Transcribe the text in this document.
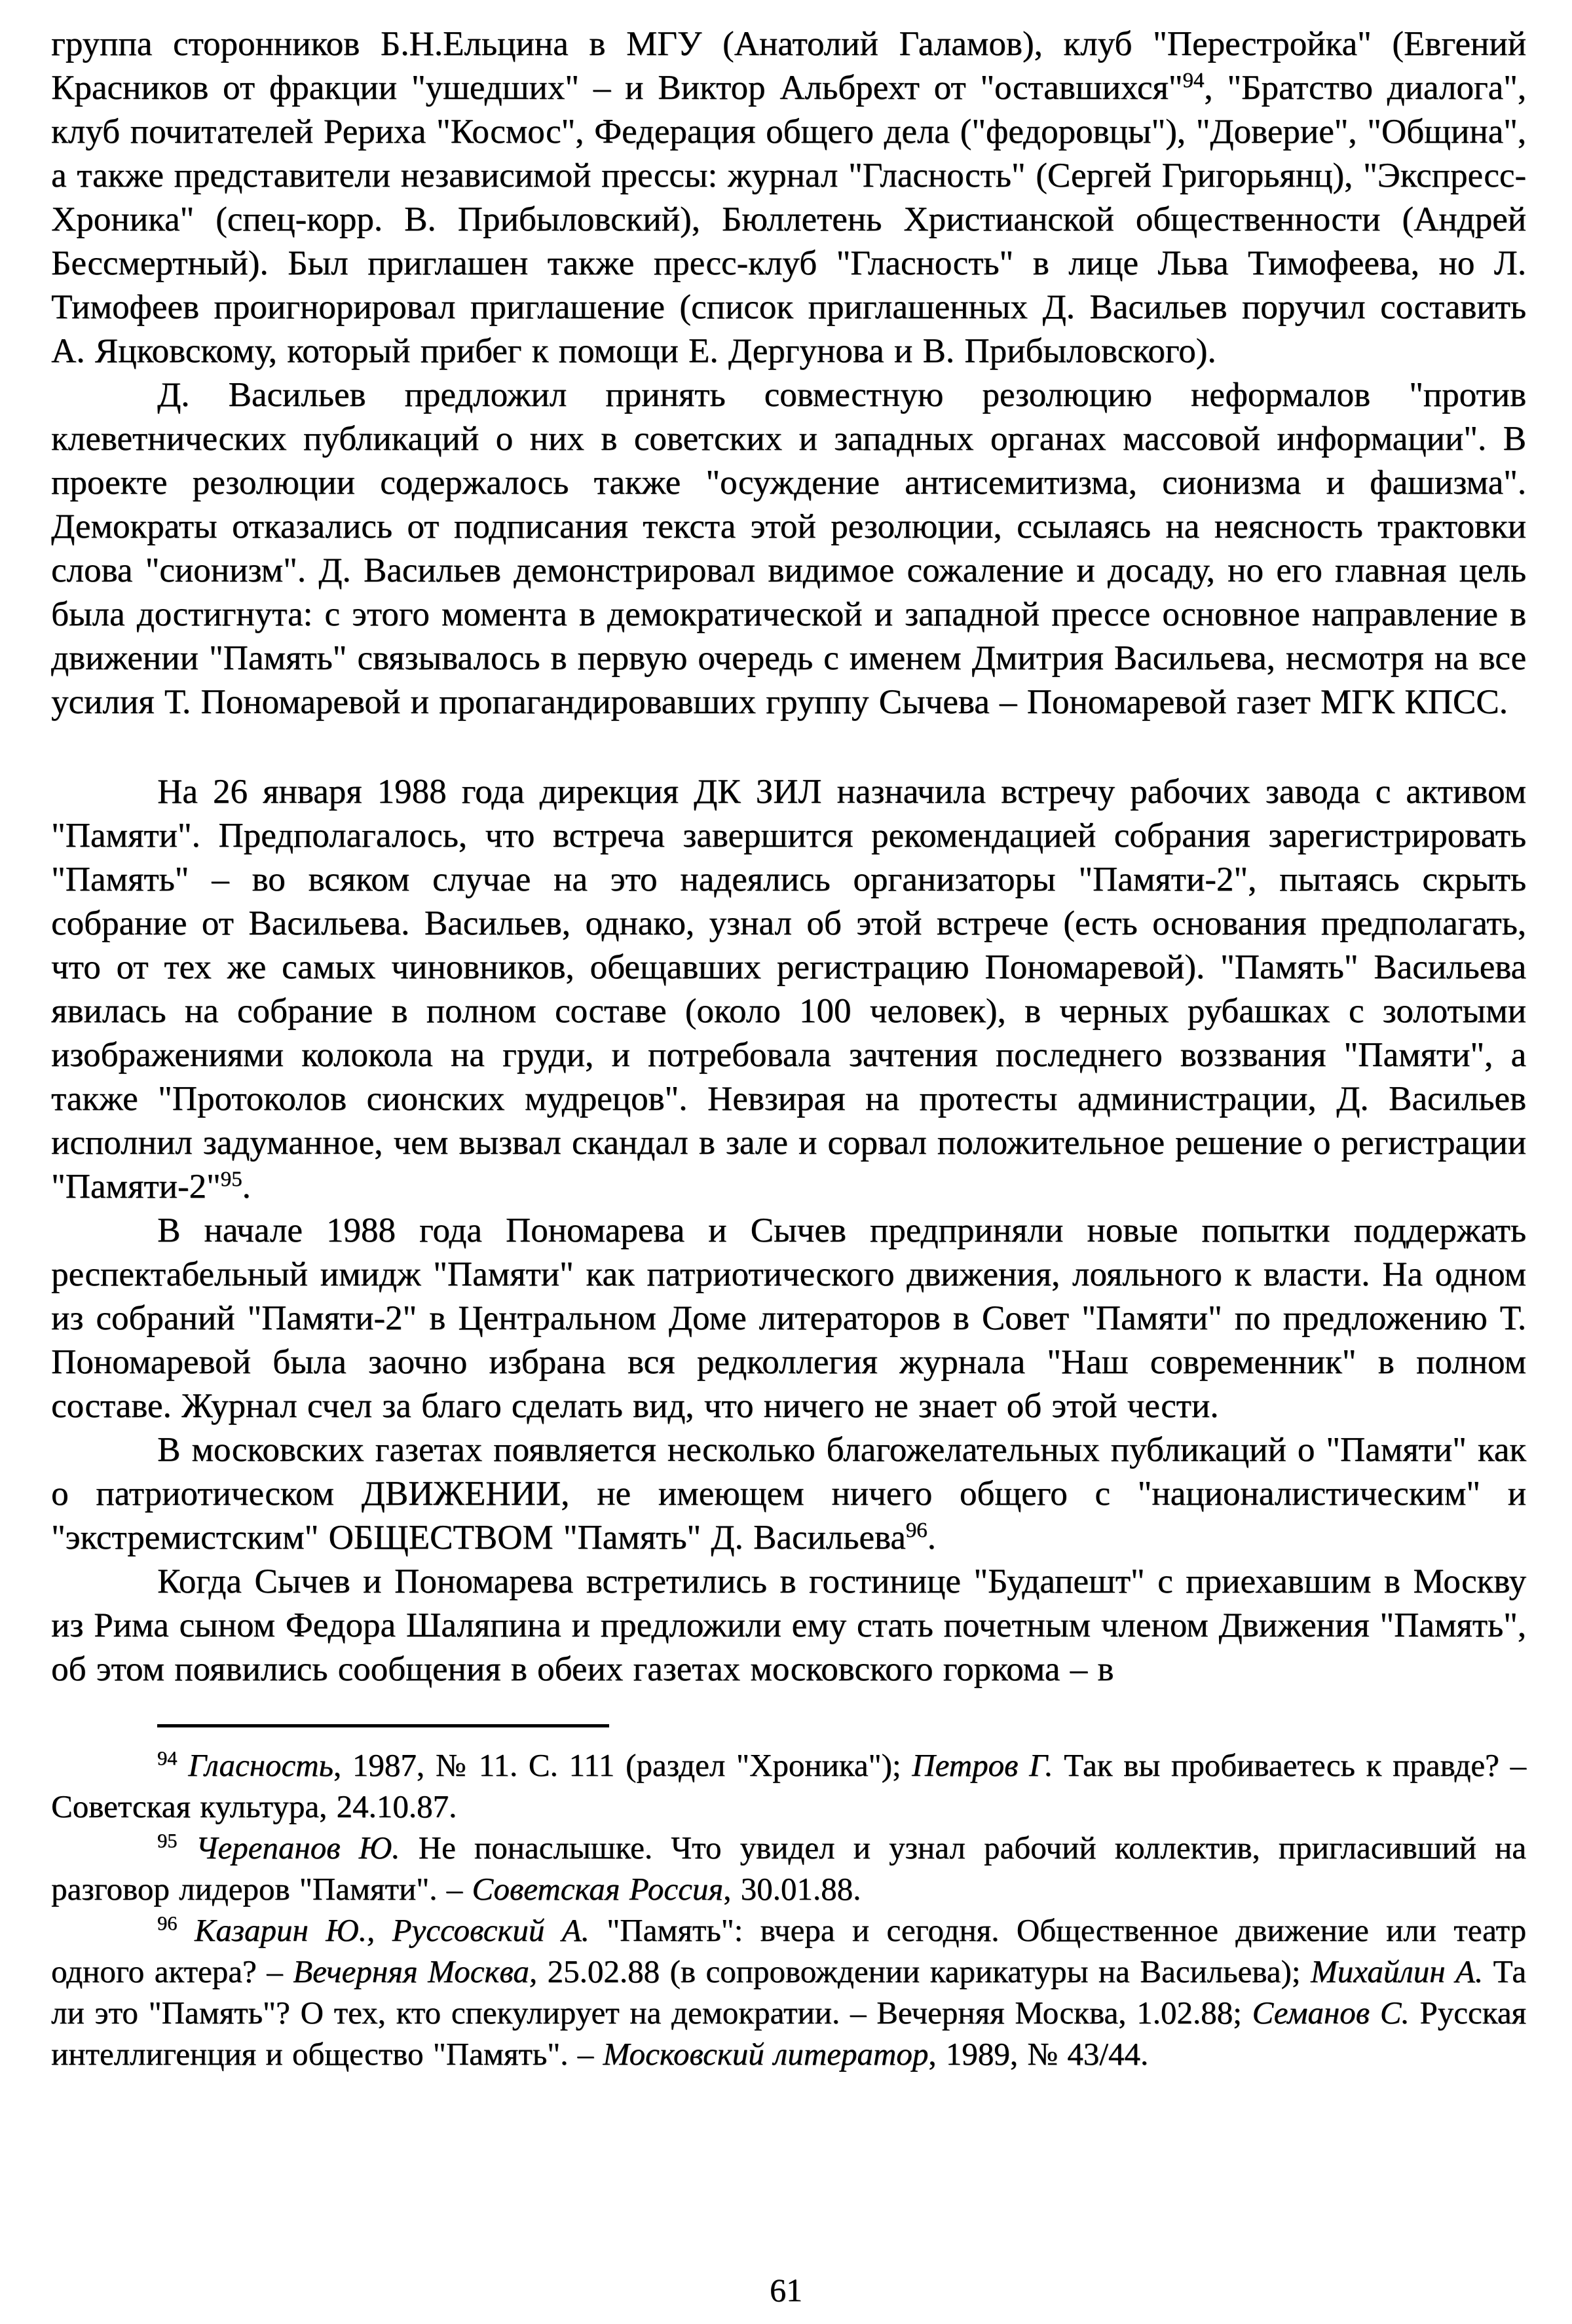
группа сторонников Б.Н.Ельцина в МГУ (Анатолий Галамов), клуб "Перестройка" (Евгений Красников от фракции "ушедших" – и Виктор Альбрехт от "оставшихся"$^{94}$, "Братство диалога", клуб почитателей Рериха "Космос", Федерация общего дела ("федоровцы"), "Доверие", "Община", а также представители независимой прессы: журнал "Гласность" (Сергей Григорьянц), "Экспресс-Хроника" (спец-корр. В. Прибыловский), Бюллетень Христианской общественности (Андрей Бессмертный). Был приглашен также пресс-клуб "Гласность" в лице Льва Тимофеева, но Л. Тимофеев проигнорировал приглашение (список приглашенных Д. Васильев поручил составить А. Яцковскому, который прибег к помощи Е. Дергунова и В. Прибыловского).

Д. Васильев предложил принять совместную резолюцию неформалов "против клеветнических публикаций о них в советских и западных органах массовой информации". В проекте резолюции содержалось также "осуждение антисемитизма, сионизма и фашизма". Демократы отказались от подписания текста этой резолюции, ссылаясь на неясность трактовки слова "сионизм". Д. Васильев демонстрировал видимое сожаление и досаду, но его главная цель была достигнута: с этого момента в демократической и западной прессе основное направление в движении "Память" связывалось в первую очередь с именем Дмитрия Васильева, несмотря на все усилия Т. Пономаревой и пропагандировавших группу Сычева – Пономаревой газет МГК КПСС.

На 26 января 1988 года дирекция ДК ЗИЛ назначила встречу рабочих завода с активом "Памяти". Предполагалось, что встреча завершится рекомендацией собрания зарегистрировать "Память" – во всяком случае на это надеялись организаторы "Памяти-2", пытаясь скрыть собрание от Васильева. Васильев, однако, узнал об этой встрече (есть основания предполагать, что от тех же самых чиновников, обещавших регистрацию Пономаревой). "Память" Васильева явилась на собрание в полном составе (около 100 человек), в черных рубашках с золотыми изображениями колокола на груди, и потребовала зачтения последнего воззвания "Памяти", а также "Протоколов сионских мудрецов". Невзирая на протесты администрации, Д. Васильев исполнил задуманное, чем вызвал скандал в зале и сорвал положительное решение о регистрации "Памяти-2"$^{95}$.

В начале 1988 года Пономарева и Сычев предприняли новые попытки поддержать респектабельный имидж "Памяти" как патриотического движения, лояльного к власти. На одном из собраний "Памяти-2" в Центральном Доме литераторов в Совет "Памяти" по предложению Т. Пономаревой была заочно избрана вся редколлегия журнала "Наш современник" в полном составе. Журнал счел за благо сделать вид, что ничего не знает об этой чести.

В московских газетах появляется несколько благожелательных публикаций о "Памяти" как о патриотическом ДВИЖЕНИИ, не имеющем ничего общего с "националистическим" и "экстремистским" ОБЩЕСТВОМ "Память" Д. Васильева$^{96}$.

Когда Сычев и Пономарева встретились в гостинице "Будапешт" с приехавшим в Москву из Рима сыном Федора Шаляпина и предложили ему стать почетным членом Движения "Память", об этом появились сообщения в обеих газетах московского горкома – в

$^{94}$ Гласность, 1987, № 11. С. 111 (раздел "Хроника"); Петров Г. Так вы пробиваетесь к правде? – Советская культура, 24.10.87.

$^{95}$ Черепанов Ю. Не понаслышке. Что увидел и узнал рабочий коллектив, пригласивший на разговор лидеров "Памяти". – Советская Россия, 30.01.88.

$^{96}$ Казарин Ю., Руссовский А. "Память": вчера и сегодня. Общественное движение или театр одного актера? – Вечерняя Москва, 25.02.88 (в сопровождении карикатуры на Васильева); Михайлин А. Та ли это "Память"? О тех, кто спекулирует на демократии. – Вечерняя Москва, 1.02.88; Семанов С. Русская интеллигенция и общество "Память". – Московский литератор, 1989, № 43/44.

61
